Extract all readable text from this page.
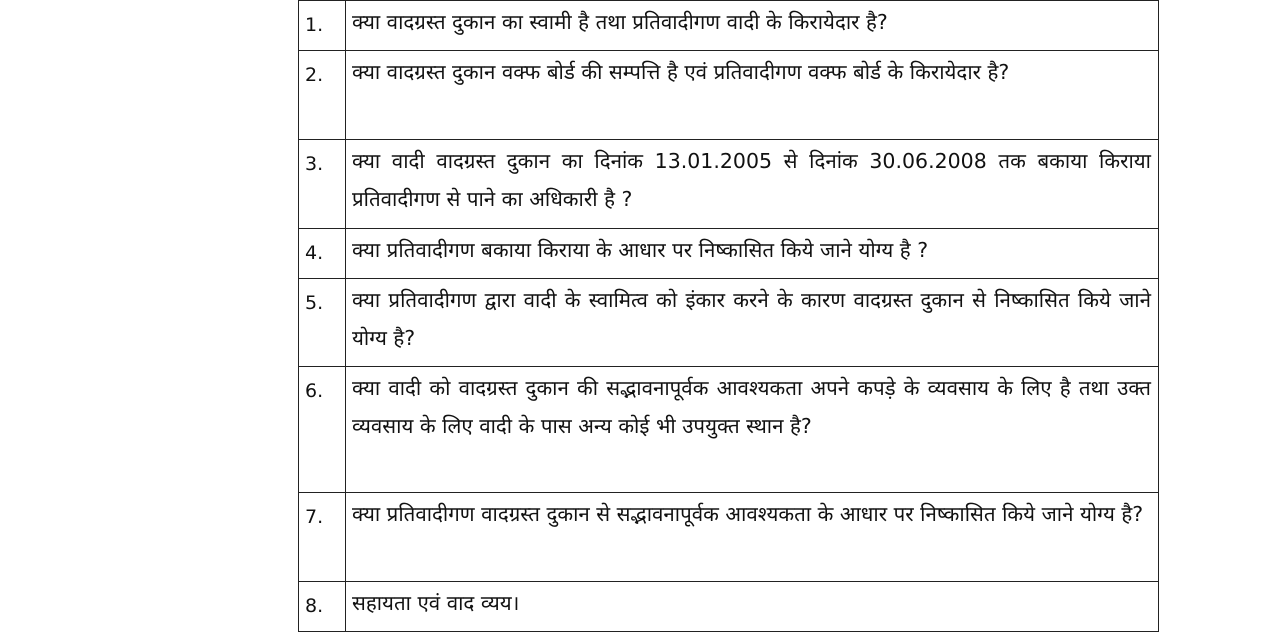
1.	क्या वादग्रस्त दुकान का स्वामी है तथा प्रतिवादीगण वादी के किरायेदार है?
2.	क्या वादग्रस्त दुकान वक्फ बोर्ड की सम्पत्ति है एवं प्रतिवादीगण वक्फ बोर्ड के किरायेदार है?
3.	क्या वादी वादग्रस्त दुकान का दिनांक 13.01.2005 से दिनांक 30.06.2008 तक बकाया किराया प्रतिवादीगण से पाने का अधिकारी है ?
4.	क्या प्रतिवादीगण बकाया किराया के आधार पर निष्कासित किये जाने योग्य है ?
5.	क्या प्रतिवादीगण द्वारा वादी के स्वामित्व को इंकार करने के कारण वादग्रस्त दुकान से निष्कासित किये जाने योग्य है?
6.	क्या वादी को वादग्रस्त दुकान की सद्भावनापूर्वक आवश्यकता अपने कपड़े के व्यवसाय के लिए है तथा उक्त व्यवसाय के लिए वादी के पास अन्य कोई भी उपयुक्त स्थान है?
7.	क्या प्रतिवादीगण वादग्रस्त दुकान से सद्भावनापूर्वक आवश्यकता के आधार पर निष्कासित किये जाने योग्य है?
8.	सहायता एवं वाद व्यय।
